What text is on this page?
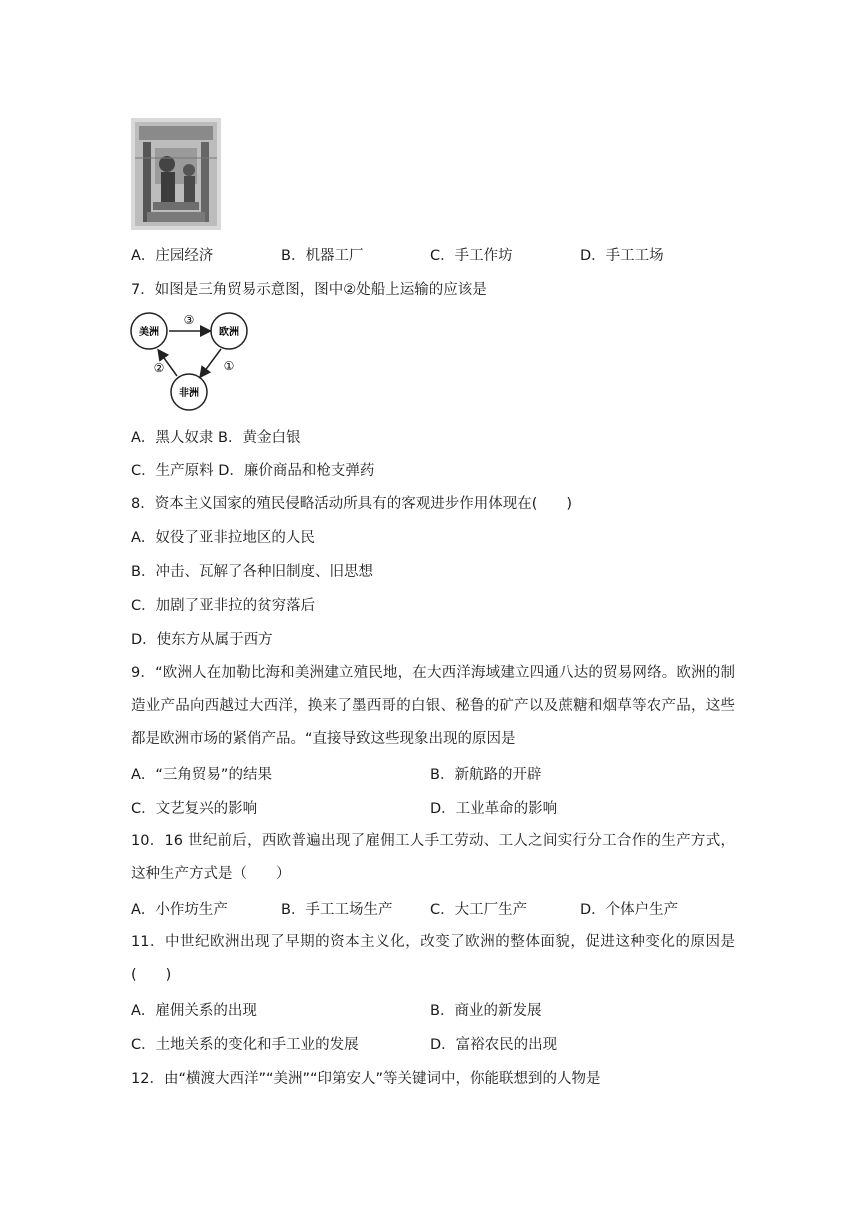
A．庄园经济	B．机器工厂	C．手工作坊	D．手工工场
7．如图是三角贸易示意图，图中②处船上运输的应该是
美洲	欧洲
非洲
③
①
②
A．黑人奴隶 B．黄金白银
C．生产原料 D．廉价商品和枪支弹药
8．资本主义国家的殖民侵略活动所具有的客观进步作用体现在(　　)
A．奴役了亚非拉地区的人民
B．冲击、瓦解了各种旧制度、旧思想
C．加剧了亚非拉的贫穷落后
D．使东方从属于西方
9．“欧洲人在加勒比海和美洲建立殖民地，在大西洋海域建立四通八达的贸易网络。欧洲的制造业产品向西越过大西洋，换来了墨西哥的白银、秘鲁的矿产以及蔗糖和烟草等农产品，这些都是欧洲市场的紧俏产品。“直接导致这些现象出现的原因是
A．“三角贸易”的结果	B．新航路的开辟
C．文艺复兴的影响	D．工业革命的影响
10．16 世纪前后，西欧普遍出现了雇佣工人手工劳动、工人之间实行分工合作的生产方式，这种生产方式是（　　）
A．小作坊生产	B．手工工场生产	C．大工厂生产	D．个体户生产
11．中世纪欧洲出现了早期的资本主义化，改变了欧洲的整体面貌，促进这种变化的原因是(　　)
A．雇佣关系的出现	B．商业的新发展
C．土地关系的变化和手工业的发展	D．富裕农民的出现
12．由“横渡大西洋”“美洲”“印第安人”等关键词中，你能联想到的人物是
